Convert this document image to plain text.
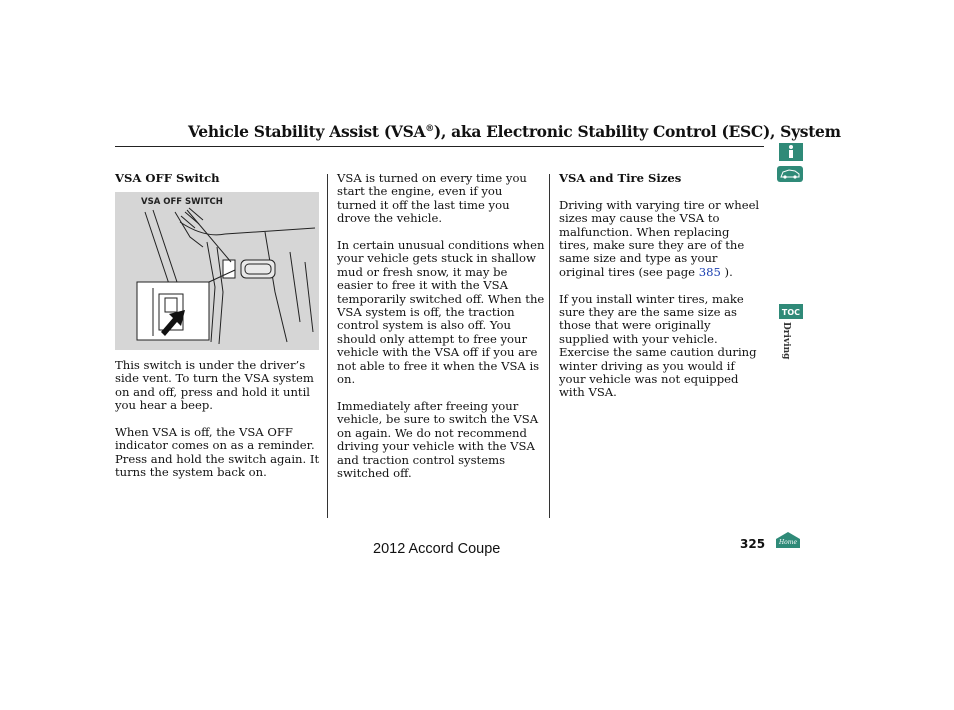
Vehicle Stability Assist (VSA®), aka Electronic Stability Control (ESC), System

VSA OFF Switch

VSA OFF SWITCH

This switch is under the driver’s side vent. To turn the VSA system on and off, press and hold it until you hear a beep.

When VSA is off, the VSA OFF indicator comes on as a reminder. Press and hold the switch again. It turns the system back on.

VSA is turned on every time you start the engine, even if you turned it off the last time you drove the vehicle.

In certain unusual conditions when your vehicle gets stuck in shallow mud or fresh snow, it may be easier to free it with the VSA temporarily switched off. When the VSA system is off, the traction control system is also off. You should only attempt to free your vehicle with the VSA off if you are not able to free it when the VSA is on.

Immediately after freeing your vehicle, be sure to switch the VSA on again. We do not recommend driving your vehicle with the VSA and traction control systems switched off.

VSA and Tire Sizes

Driving with varying tire or wheel sizes may cause the VSA to malfunction. When replacing tires, make sure they are of the same size and type as your original tires (see page 385 ).

If you install winter tires, make sure they are the same size as those that were originally supplied with your vehicle. Exercise the same caution during winter driving as you would if your vehicle was not equipped with VSA.

TOC
Driving
Home
2012 Accord Coupe	325
